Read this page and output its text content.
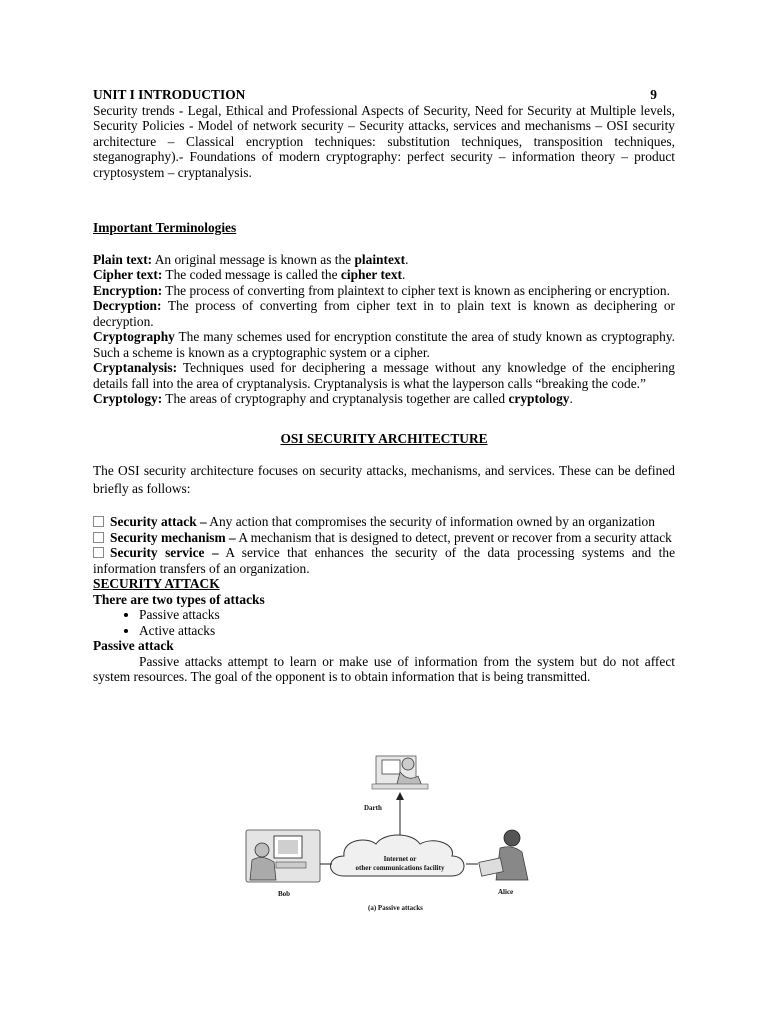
UNIT I INTRODUCTION	9

Security trends - Legal, Ethical and Professional Aspects of Security, Need for Security at Multiple levels, Security Policies - Model of network security – Security attacks, services and mechanisms – OSI security architecture – Classical encryption techniques: substitution techniques, transposition techniques, steganography).- Foundations of modern cryptography: perfect security – information theory – product cryptosystem – cryptanalysis.

Important Terminologies

Plain text: An original message is known as the plaintext.

Cipher text: The coded message is called the cipher text.

Encryption: The process of converting from plaintext to cipher text is known as enciphering or encryption.

Decryption: The process of converting from cipher text in to plain text is known as deciphering or decryption.

Cryptography The many schemes used for encryption constitute the area of study known as cryptography. Such a scheme is known as a cryptographic system or a cipher.

Cryptanalysis: Techniques used for deciphering a message without any knowledge of the enciphering details fall into the area of cryptanalysis. Cryptanalysis is what the layperson calls “breaking the code.”

Cryptology: The areas of cryptography and cryptanalysis together are called cryptology.

OSI SECURITY ARCHITECTURE

The OSI security architecture focuses on security attacks, mechanisms, and services. These can be defined briefly as follows:

Security attack – Any action that compromises the security of information owned by an organization

Security mechanism – A mechanism that is designed to detect, prevent or recover from a security attack

Security service – A service that enhances the security of the data processing systems and the information transfers of an organization.

SECURITY ATTACK

There are two types of attacks

• Passive attacks
• Active attacks

Passive attack

Passive attacks attempt to learn or make use of information from the system but do not affect system resources. The goal of the opponent is to obtain information that is being transmitted.

Darth
Bob
Internet or
other communications facility
Alice
(a) Passive attacks
